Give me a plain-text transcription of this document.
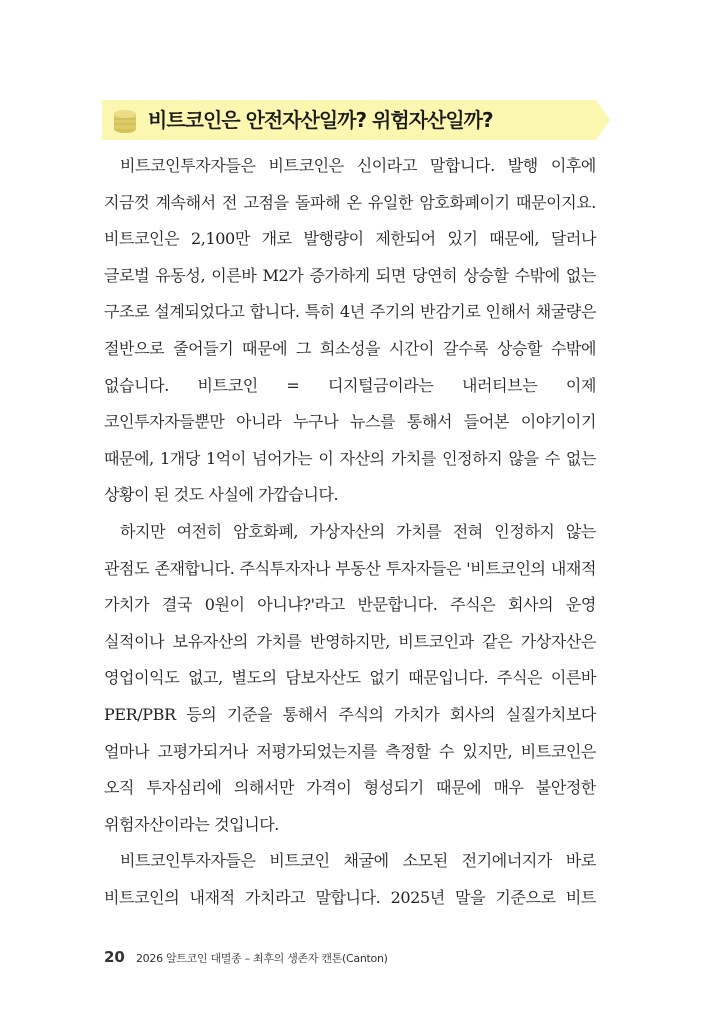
비트코인은 안전자산일까? 위험자산일까?

비트코인투자자들은 비트코인은 신이라고 말합니다. 발행 이후에 지금껏 계속해서 전 고점을 돌파해 온 유일한 암호화폐이기 때문이지요. 비트코인은 2,100만 개로 발행량이 제한되어 있기 때문에, 달러나 글로벌 유동성, 이른바 M2가 증가하게 되면 당연히 상승할 수밖에 없는 구조로 설계되었다고 합니다. 특히 4년 주기의 반감기로 인해서 채굴량은 절반으로 줄어들기 때문에 그 희소성을 시간이 갈수록 상승할 수밖에 없습니다. 비트코인 = 디지털금이라는 내러티브는 이제 코인투자자들뿐만 아니라 누구나 뉴스를 통해서 들어본 이야기이기 때문에, 1개당 1억이 넘어가는 이 자산의 가치를 인정하지 않을 수 없는 상황이 된 것도 사실에 가깝습니다.

하지만 여전히 암호화폐, 가상자산의 가치를 전혀 인정하지 않는 관점도 존재합니다. 주식투자자나 부동산 투자자들은 '비트코인의 내재적 가치가 결국 0원이 아니냐?'라고 반문합니다. 주식은 회사의 운영 실적이나 보유자산의 가치를 반영하지만, 비트코인과 같은 가상자산은 영업이익도 없고, 별도의 담보자산도 없기 때문입니다. 주식은 이른바 PER/PBR 등의 기준을 통해서 주식의 가치가 회사의 실질가치보다 얼마나 고평가되거나 저평가되었는지를 측정할 수 있지만, 비트코인은 오직 투자심리에 의해서만 가격이 형성되기 때문에 매우 불안정한 위험자산이라는 것입니다.

비트코인투자자들은 비트코인 채굴에 소모된 전기에너지가 바로 비트코인의 내재적 가치라고 말합니다. 2025년 말을 기준으로 비트

20 2026 알트코인 대멸종 – 최후의 생존자 캔톤(Canton)
